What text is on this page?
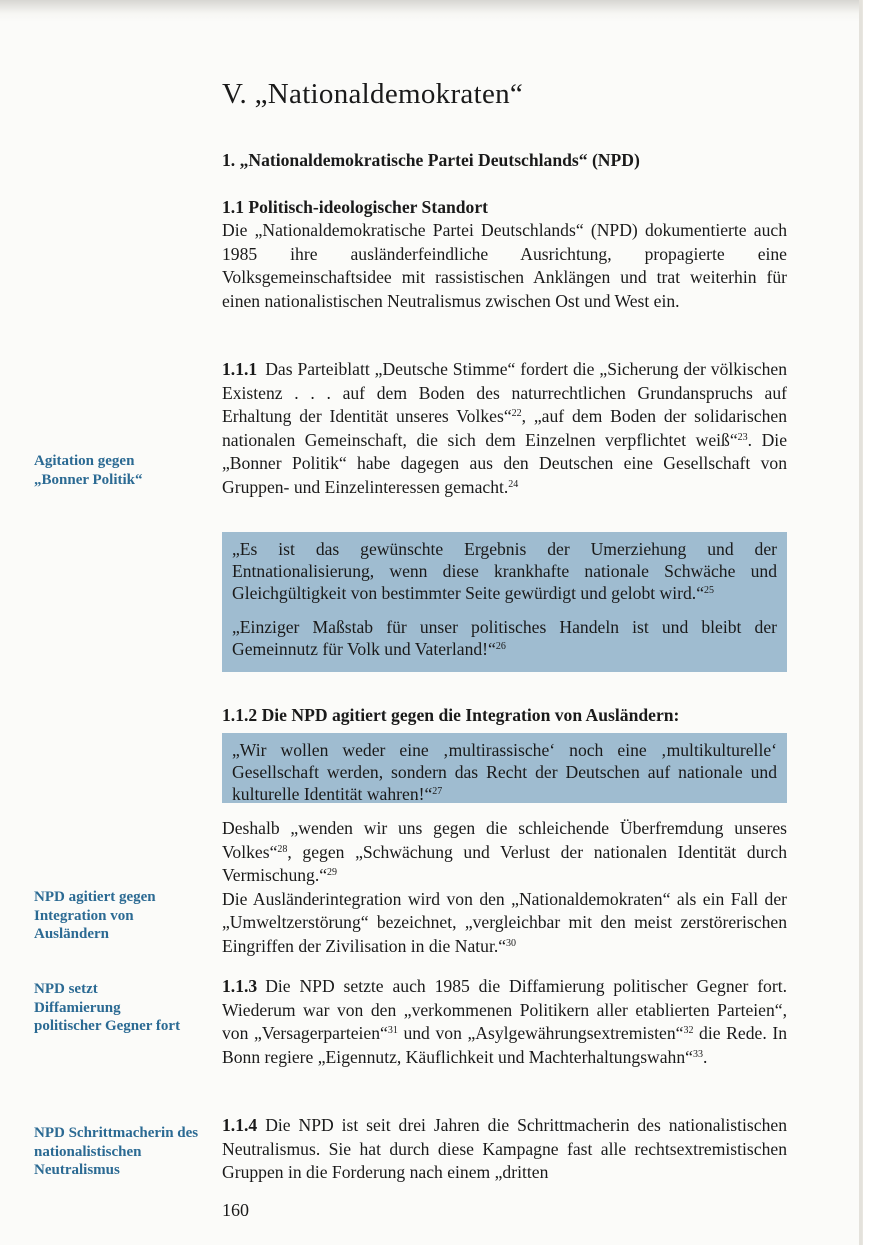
V. „Nationaldemokraten“
1. „Nationaldemokratische Partei Deutschlands“ (NPD)
1.1 Politisch-ideologischer Standort

Die „Nationaldemokratische Partei Deutschlands“ (NPD) dokumentierte auch 1985 ihre ausländerfeindliche Ausrichtung, propagierte eine Volksgemeinschaftsidee mit rassistischen Anklängen und trat weiterhin für einen nationalistischen Neutralismus zwischen Ost und West ein.

1.1.1 Das Parteiblatt „Deutsche Stimme“ fordert die „Sicherung der völkischen Existenz . . . auf dem Boden des naturrechtlichen Grundanspruchs auf Erhaltung der Identität unseres Volkes“$^{22}$, „auf dem Boden der solidarischen nationalen Gemeinschaft, die sich dem Einzelnen verpflichtet weiß“$^{23}$. Die „Bonner Politik“ habe dagegen aus den Deutschen eine Gesellschaft von Gruppen- und Einzelinteressen gemacht.$^{24}$

„Es ist das gewünschte Ergebnis der Umerziehung und der Entnationalisierung, wenn diese krankhafte nationale Schwäche und Gleichgültigkeit von bestimmter Seite gewürdigt und gelobt wird.“$^{25}$

„Einziger Maßstab für unser politisches Handeln ist und bleibt der Gemeinnutz für Volk und Vaterland!“$^{26}$

1.1.2 Die NPD agitiert gegen die Integration von Ausländern:

„Wir wollen weder eine ‚multirassische‘ noch eine ‚multikulturelle‘ Gesellschaft werden, sondern das Recht der Deutschen auf nationale und kulturelle Identität wahren!“$^{27}$

Deshalb „wenden wir uns gegen die schleichende Überfremdung unseres Volkes“$^{28}$, gegen „Schwächung und Verlust der nationalen Identität durch Vermischung.“$^{29}$

Die Ausländerintegration wird von den „Nationaldemokraten“ als ein Fall der „Umweltzerstörung“ bezeichnet, „vergleichbar mit den meist zerstörerischen Eingriffen der Zivilisation in die Natur.“$^{30}$

1.1.3 Die NPD setzte auch 1985 die Diffamierung politischer Gegner fort. Wiederum war von den „verkommenen Politikern aller etablierten Parteien“, von „Versagerparteien“$^{31}$ und von „Asylgewährungsextremisten“$^{32}$ die Rede. In Bonn regiere „Eigennutz, Käuflichkeit und Machterhaltungswahn“$^{33}$.

1.1.4 Die NPD ist seit drei Jahren die Schrittmacherin des nationalistischen Neutralismus. Sie hat durch diese Kampagne fast alle rechtsextremistischen Gruppen in die Forderung nach einem „dritten

Agitation gegen „Bonner Politik“
NPD agitiert gegen Integration von Ausländern
NPD setzt Diffamierung politischer Gegner fort
NPD Schrittmacherin des nationalistischen Neutralismus
160
